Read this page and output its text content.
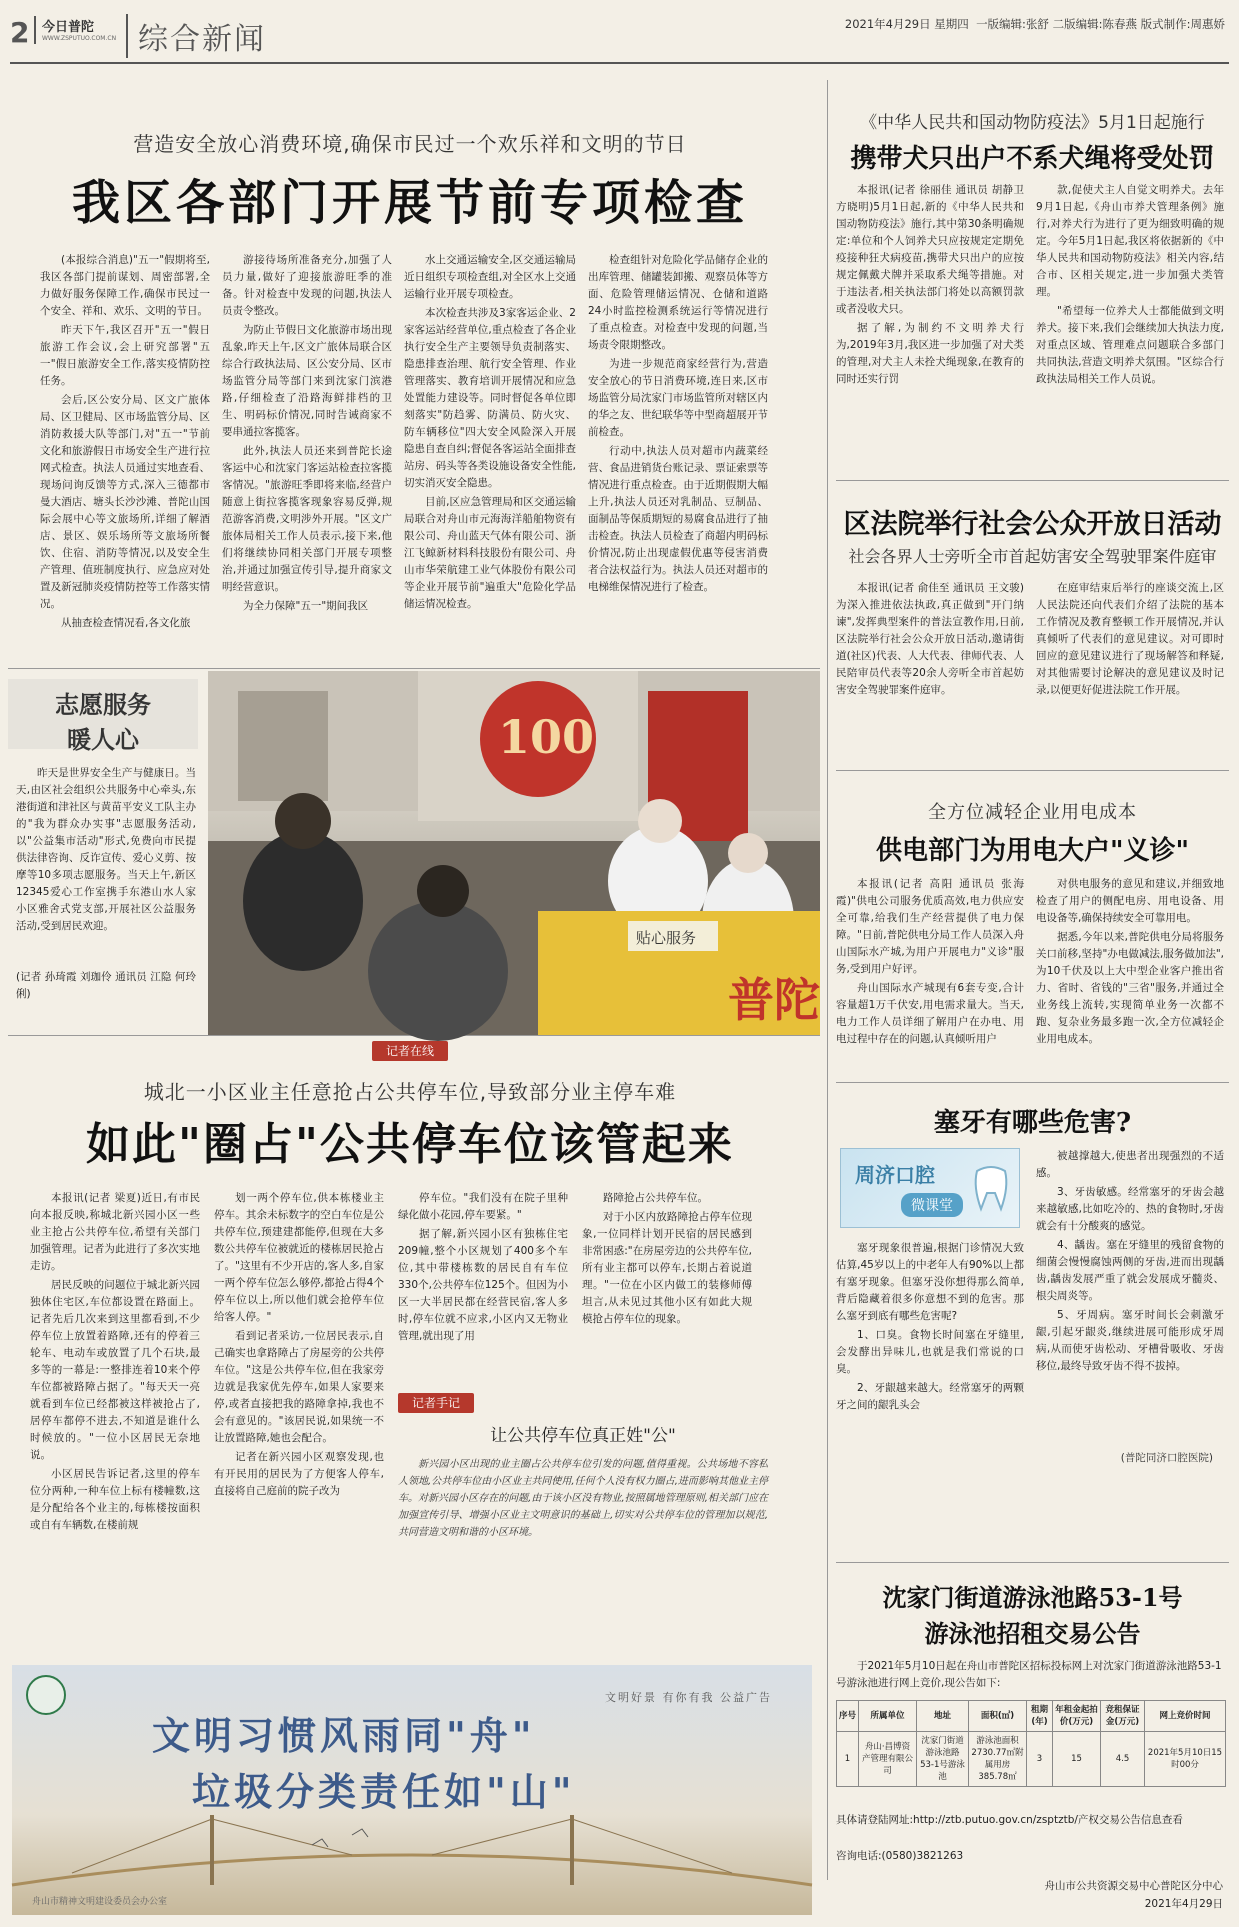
2 今日普陀
WWW.ZSPUTUO.COM.CN 综合新闻	2021年4月29日 星期四 一版编辑:张舒 二版编辑:陈春燕 版式制作:周惠娇
营造安全放心消费环境,确保市民过一个欢乐祥和文明的节日
我区各部门开展节前专项检查

(本报综合消息)"五一"假期将至,我区各部门提前谋划、周密部署,全力做好服务保障工作,确保市民过一个安全、祥和、欢乐、文明的节日。

昨天下午,我区召开"五一"假日旅游工作会议,会上研究部署"五一"假日旅游安全工作,落实疫情防控任务。

会后,区公安分局、区文广旅体局、区卫健局、区市场监管分局、区消防救援大队等部门,对"五一"节前文化和旅游假日市场安全生产进行拉网式检查。执法人员通过实地查看、现场问询反馈等方式,深入三德都市曼大酒店、塘头长沙沙滩、普陀山国际会展中心等文旅场所,详细了解酒店、景区、娱乐场所等文旅场所餐饮、住宿、消防等情况,以及安全生产管理、值班制度执行、应急应对处置及新冠肺炎疫情防控等工作落实情况。

从抽查检查情况看,各文化旅

游接待场所准备充分,加强了人员力量,做好了迎接旅游旺季的准备。针对检查中发现的问题,执法人员责令整改。

为防止节假日文化旅游市场出现乱象,昨天上午,区文广旅体局联合区综合行政执法局、区公安分局、区市场监管分局等部门来到沈家门滨港路,仔细检查了沿路海鲜排档的卫生、明码标价情况,同时告诫商家不要串通拉客揽客。

此外,执法人员还来到普陀长途客运中心和沈家门客运站检查拉客揽客情况。"旅游旺季即将来临,经营户随意上街拉客揽客现象容易反弹,规范游客消费,文明涉外开展。"区文广旅体局相关工作人员表示,接下来,他们将继续协同相关部门开展专项整治,并通过加强宣传引导,提升商家文明经营意识。

为全力保障"五一"期间我区

水上交通运输安全,区交通运输局近日组织专项检查组,对全区水上交通运输行业开展专项检查。

本次检查共涉及3家客运企业、2家客运站经营单位,重点检查了各企业执行安全生产主要领导负责制落实、隐患排查治理、航行安全管理、作业管理落实、教育培训开展情况和应急处置能力建设等。同时督促各单位即刻落实"防趋雾、防满员、防火灾、防车辆移位"四大安全风险深入开展隐患自查自纠;督促各客运站全面排查站房、码头等各类设施设备安全性能,切实消灭安全隐患。

目前,区应急管理局和区交通运输局联合对舟山市元海海洋船舶物资有限公司、舟山蓝天气体有限公司、浙江飞鲸新材料科技股份有限公司、舟山市华荣航建工业气体股份有限公司等企业开展节前"遍重大"危险化学品储运情况检查。

检查组针对危险化学品储存企业的出库管理、储罐装卸搬、观察员体等方面、危险管理储运情况、仓储和道路24小时监控检测系统运行等情况进行了重点检查。对检查中发现的问题,当场责令限期整改。

为进一步规范商家经营行为,营造安全放心的节日消费环境,连日来,区市场监管分局沈家门市场监管所对辖区内的华之友、世纪联华等中型商超展开节前检查。

行动中,执法人员对超市内蔬菜经营、食品进销货台账记录、票证索票等情况进行重点检查。由于近期假期大幅上升,执法人员还对乳制品、豆制品、面制品等保质期短的易腐食品进行了抽击检查。执法人员检查了商超内明码标价情况,防止出现虚假优惠等侵害消费者合法权益行为。执法人员还对超市的电梯维保情况进行了检查。

志愿服务
暖人心

昨天是世界安全生产与健康日。当天,由区社会组织公共服务中心牵头,东港街道和津社区与黄苗平安义工队主办的"我为群众办实事"志愿服务活动,以"公益集市活动"形式,免费向市民提供法律咨询、反诈宣传、爱心义剪、按摩等10多项志愿服务。当天上午,新区12345爱心工作室携手东港山水人家小区雅舍式党支部,开展社区公益服务活动,受到居民欢迎。

(记者 孙琦霞 刘珈伶 通讯员 江隐 何玲俐)

100
贴心服务
普陀
记者在线
城北一小区业主任意抢占公共停车位,导致部分业主停车难
如此"圈占"公共停车位该管起来

本报讯(记者 梁夏)近日,有市民向本报反映,称城北新兴园小区一些业主抢占公共停车位,希望有关部门加强管理。记者为此进行了多次实地走访。

居民反映的问题位于城北新兴园独体住宅区,车位都设置在路面上。记者先后几次来到这里都看到,不少停车位上放置着路障,还有的停着三轮车、电动车或放置了几个石块,最多等的一幕是:一整排连着10来个停车位都被路障占据了。"每天天一亮就看到车位已经都被这样被抢占了,居停车都停不进去,不知道是谁什么时候放的。"一位小区居民无奈地说。

小区居民告诉记者,这里的停车位分两种,一种车位上标有楼幢数,这是分配给各个业主的,每栋楼按面积或自有车辆数,在楼前规

划一两个停车位,供本栋楼业主停车。其余未标数字的空白车位是公共停车位,预建建都能停,但现在大多数公共停车位被就近的楼栋居民抢占了。"这里有不少开店的,客人多,自家一两个停车位怎么够停,都抢占得4个停车位以上,所以他们就会抢停车位给客人停。"

看到记者采访,一位居民表示,自己确实也拿路障占了房屋旁的公共停车位。"这是公共停车位,但在我家旁边就是我家优先停车,如果人家要来停,或者直接把我的路障拿掉,我也不会有意见的。"该居民说,如果统一不让放置路障,她也会配合。

记者在新兴园小区观察发现,也有开民用的居民为了方便客人停车,直接将自己庭前的院子改为

停车位。"我们没有在院子里种绿化做小花园,停车要紧。"

据了解,新兴园小区有独栋住宅209幢,整个小区规划了400多个车位,其中带楼栋数的居民自有车位330个,公共停车位125个。但因为小区一大半居民都在经营民宿,客人多时,停车位就不应求,小区内又无物业管理,就出现了用

路障抢占公共停车位。

对于小区内放路障抢占停车位现象,一位同样计划开民宿的居民感到非常困惑:"在房屋旁边的公共停车位,所有业主都可以停车,长期占着说道理。"一位在小区内做工的装修师傅坦言,从未见过其他小区有如此大规模抢占停车位的现象。

记者手记
让公共停车位真正姓"公"

新兴园小区出现的业主圈占公共停车位引发的问题,值得重视。公共场地不容私人领地,公共停车位由小区业主共同使用,任何个人没有权力圈占,进而影响其他业主停车。对新兴园小区存在的问题,由于该小区没有物业,按照属地管理原则,相关部门应在加强宣传引导、增强小区业主文明意识的基础上,切实对公共停车位的管理加以规范,共同营造文明和谐的小区环境。

文明好景 有你有我 公益广告
文明习惯风雨同"舟"
垃圾分类责任如"山"
舟山市精神文明建设委员会办公室
《中华人民共和国动物防疫法》5月1日起施行
携带犬只出户不系犬绳将受处罚

本报讯(记者 徐丽佳 通讯员 胡静卫 方晓明)5月1日起,新的《中华人民共和国动物防疫法》施行,其中第30条明确规定:单位和个人饲养犬只应按规定定期免疫接种狂犬病疫苗,携带犬只出户的应按规定佩戴犬牌并采取系犬绳等措施。对于违法者,相关执法部门将处以高额罚款或者没收犬只。

据了解,为制约不文明养犬行为,2019年3月,我区进一步加强了对犬类的管理,对犬主人未拴犬绳现象,在教育的同时还实行罚

款,促使犬主人自觉文明养犬。去年9月1日起,《舟山市养犬管理条例》施行,对养犬行为进行了更为细致明确的规定。今年5月1日起,我区将依据新的《中华人民共和国动物防疫法》相关内容,结合市、区相关规定,进一步加强犬类管理。

"希望每一位养犬人士都能做到文明养犬。接下来,我们会继续加大执法力度,对重点区域、管理难点问题联合多部门共同执法,营造文明养犬氛围。"区综合行政执法局相关工作人员说。

区法院举行社会公众开放日活动
社会各界人士旁听全市首起妨害安全驾驶罪案件庭审

本报讯(记者 俞佳至 通讯员 王文骏)为深入推进依法执政,真正做到"开门纳谏",发挥典型案件的普法宣教作用,日前,区法院举行社会公众开放日活动,邀请街道(社区)代表、人大代表、律师代表、人民陪审员代表等20余人旁听全市首起妨害安全驾驶罪案件庭审。

在庭审结束后举行的座谈交流上,区人民法院还向代表们介绍了法院的基本工作情况及教育整顿工作开展情况,并认真倾听了代表们的意见建议。对可即时回应的意见建议进行了现场解答和释疑,对其他需要讨论解决的意见建议及时记录,以便更好促进法院工作开展。

全方位减轻企业用电成本
供电部门为用电大户"义诊"

本报讯(记者 高阳 通讯员 张海霞)"供电公司服务优质高效,电力供应安全可靠,给我们生产经营提供了电力保障。"日前,普陀供电分局工作人员深入舟山国际水产城,为用户开展电力"义诊"服务,受到用户好评。

舟山国际水产城现有6套专变,合计容量超1万千伏安,用电需求量大。当天,电力工作人员详细了解用户在办电、用电过程中存在的问题,认真倾听用户

对供电服务的意见和建议,并细致地检查了用户的侧配电房、用电设备、用电设备等,确保持续安全可靠用电。

据悉,今年以来,普陀供电分局将服务关口前移,坚持"办电做减法,服务做加法",为10千伏及以上大中型企业客户推出省力、省时、省钱的"三省"服务,并通过全业务线上流转,实现简单业务一次都不跑、复杂业务最多跑一次,全方位减轻企业用电成本。

塞牙有哪些危害?
周济口腔
微课堂

塞牙现象很普遍,根据门诊情况大致估算,45岁以上的中老年人有90%以上都有塞牙现象。但塞牙没你想得那么简单,背后隐藏着很多你意想不到的危害。那么塞牙到底有哪些危害呢?

1、口臭。食物长时间塞在牙缝里,会发酵出异味儿,也就是我们常说的口臭。

2、牙龈越来越大。经常塞牙的两颗牙之间的龈乳头会

被越撑越大,使患者出现强烈的不适感。

3、牙齿敏感。经常塞牙的牙齿会越来越敏感,比如吃冷的、热的食物时,牙齿就会有十分酸爽的感觉。

4、龋齿。塞在牙缝里的残留食物的细菌会慢慢腐蚀两侧的牙齿,进而出现龋齿,龋齿发展严重了就会发展成牙髓炎、根尖周炎等。

5、牙周病。塞牙时间长会刺激牙龈,引起牙龈炎,继续进展可能形成牙周病,从而使牙齿松动、牙槽骨吸收、牙齿移位,最终导致牙齿不得不拔掉。

(普陀同济口腔医院)
沈家门街道游泳池路53-1号
游泳池招租交易公告

于2021年5月10日起在舟山市普陀区招标投标网上对沈家门街道游泳池路53-1号游泳池进行网上竞价,现公告如下:

序号	所属单位	地址	面积(㎡)	租期(年)	年租金起拍价(万元)	竞租保证金(万元)	网上竞价时间
1	舟山·昌博资产管理有限公司	沈家门街道游泳池路53-1号游泳池	游泳池面积2730.77㎡附属用房385.78㎡	3	15	4.5	2021年5月10日15时00分
具体请登陆网址:http://ztb.putuo.gov.cn/zsptztb/产权交易公告信息查看
咨询电话:(0580)3821263
舟山市公共资源交易中心普陀区分中心
2021年4月29日
